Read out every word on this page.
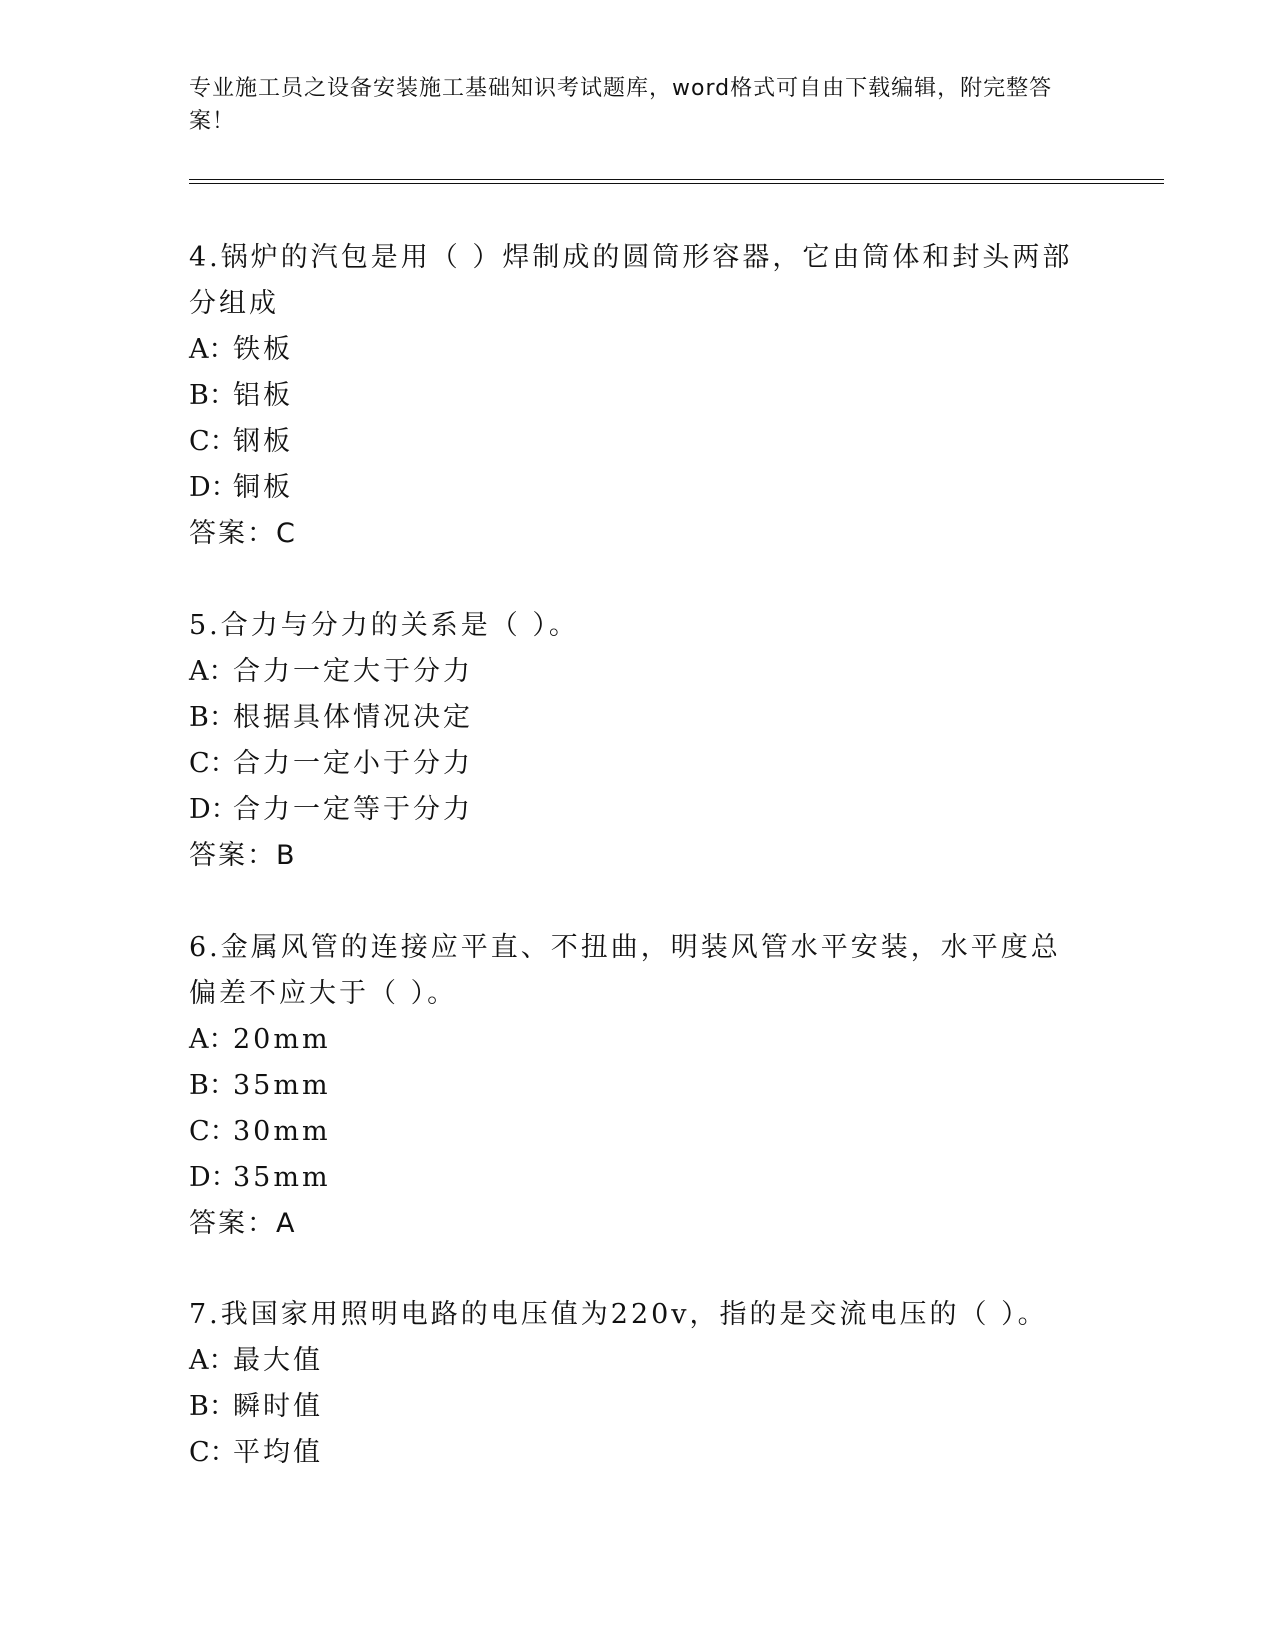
专业施工员之设备安装施工基础知识考试题库，word格式可自由下载编辑，附完整答案！

4.锅炉的汽包是用（ ）焊制成的圆筒形容器，它由筒体和封头两部分组成

A：铁板

B：铝板

C：钢板

D：铜板

答案：C

5.合力与分力的关系是（ ）。

A：合力一定大于分力

B：根据具体情况决定

C：合力一定小于分力

D：合力一定等于分力

答案：B

6.金属风管的连接应平直、不扭曲，明装风管水平安装，水平度总偏差不应大于（ ）。

A：20mm

B：35mm

C：30mm

D：35mm

答案：A

7.我国家用照明电路的电压值为220v，指的是交流电压的（ ）。

A：最大值

B：瞬时值

C：平均值
